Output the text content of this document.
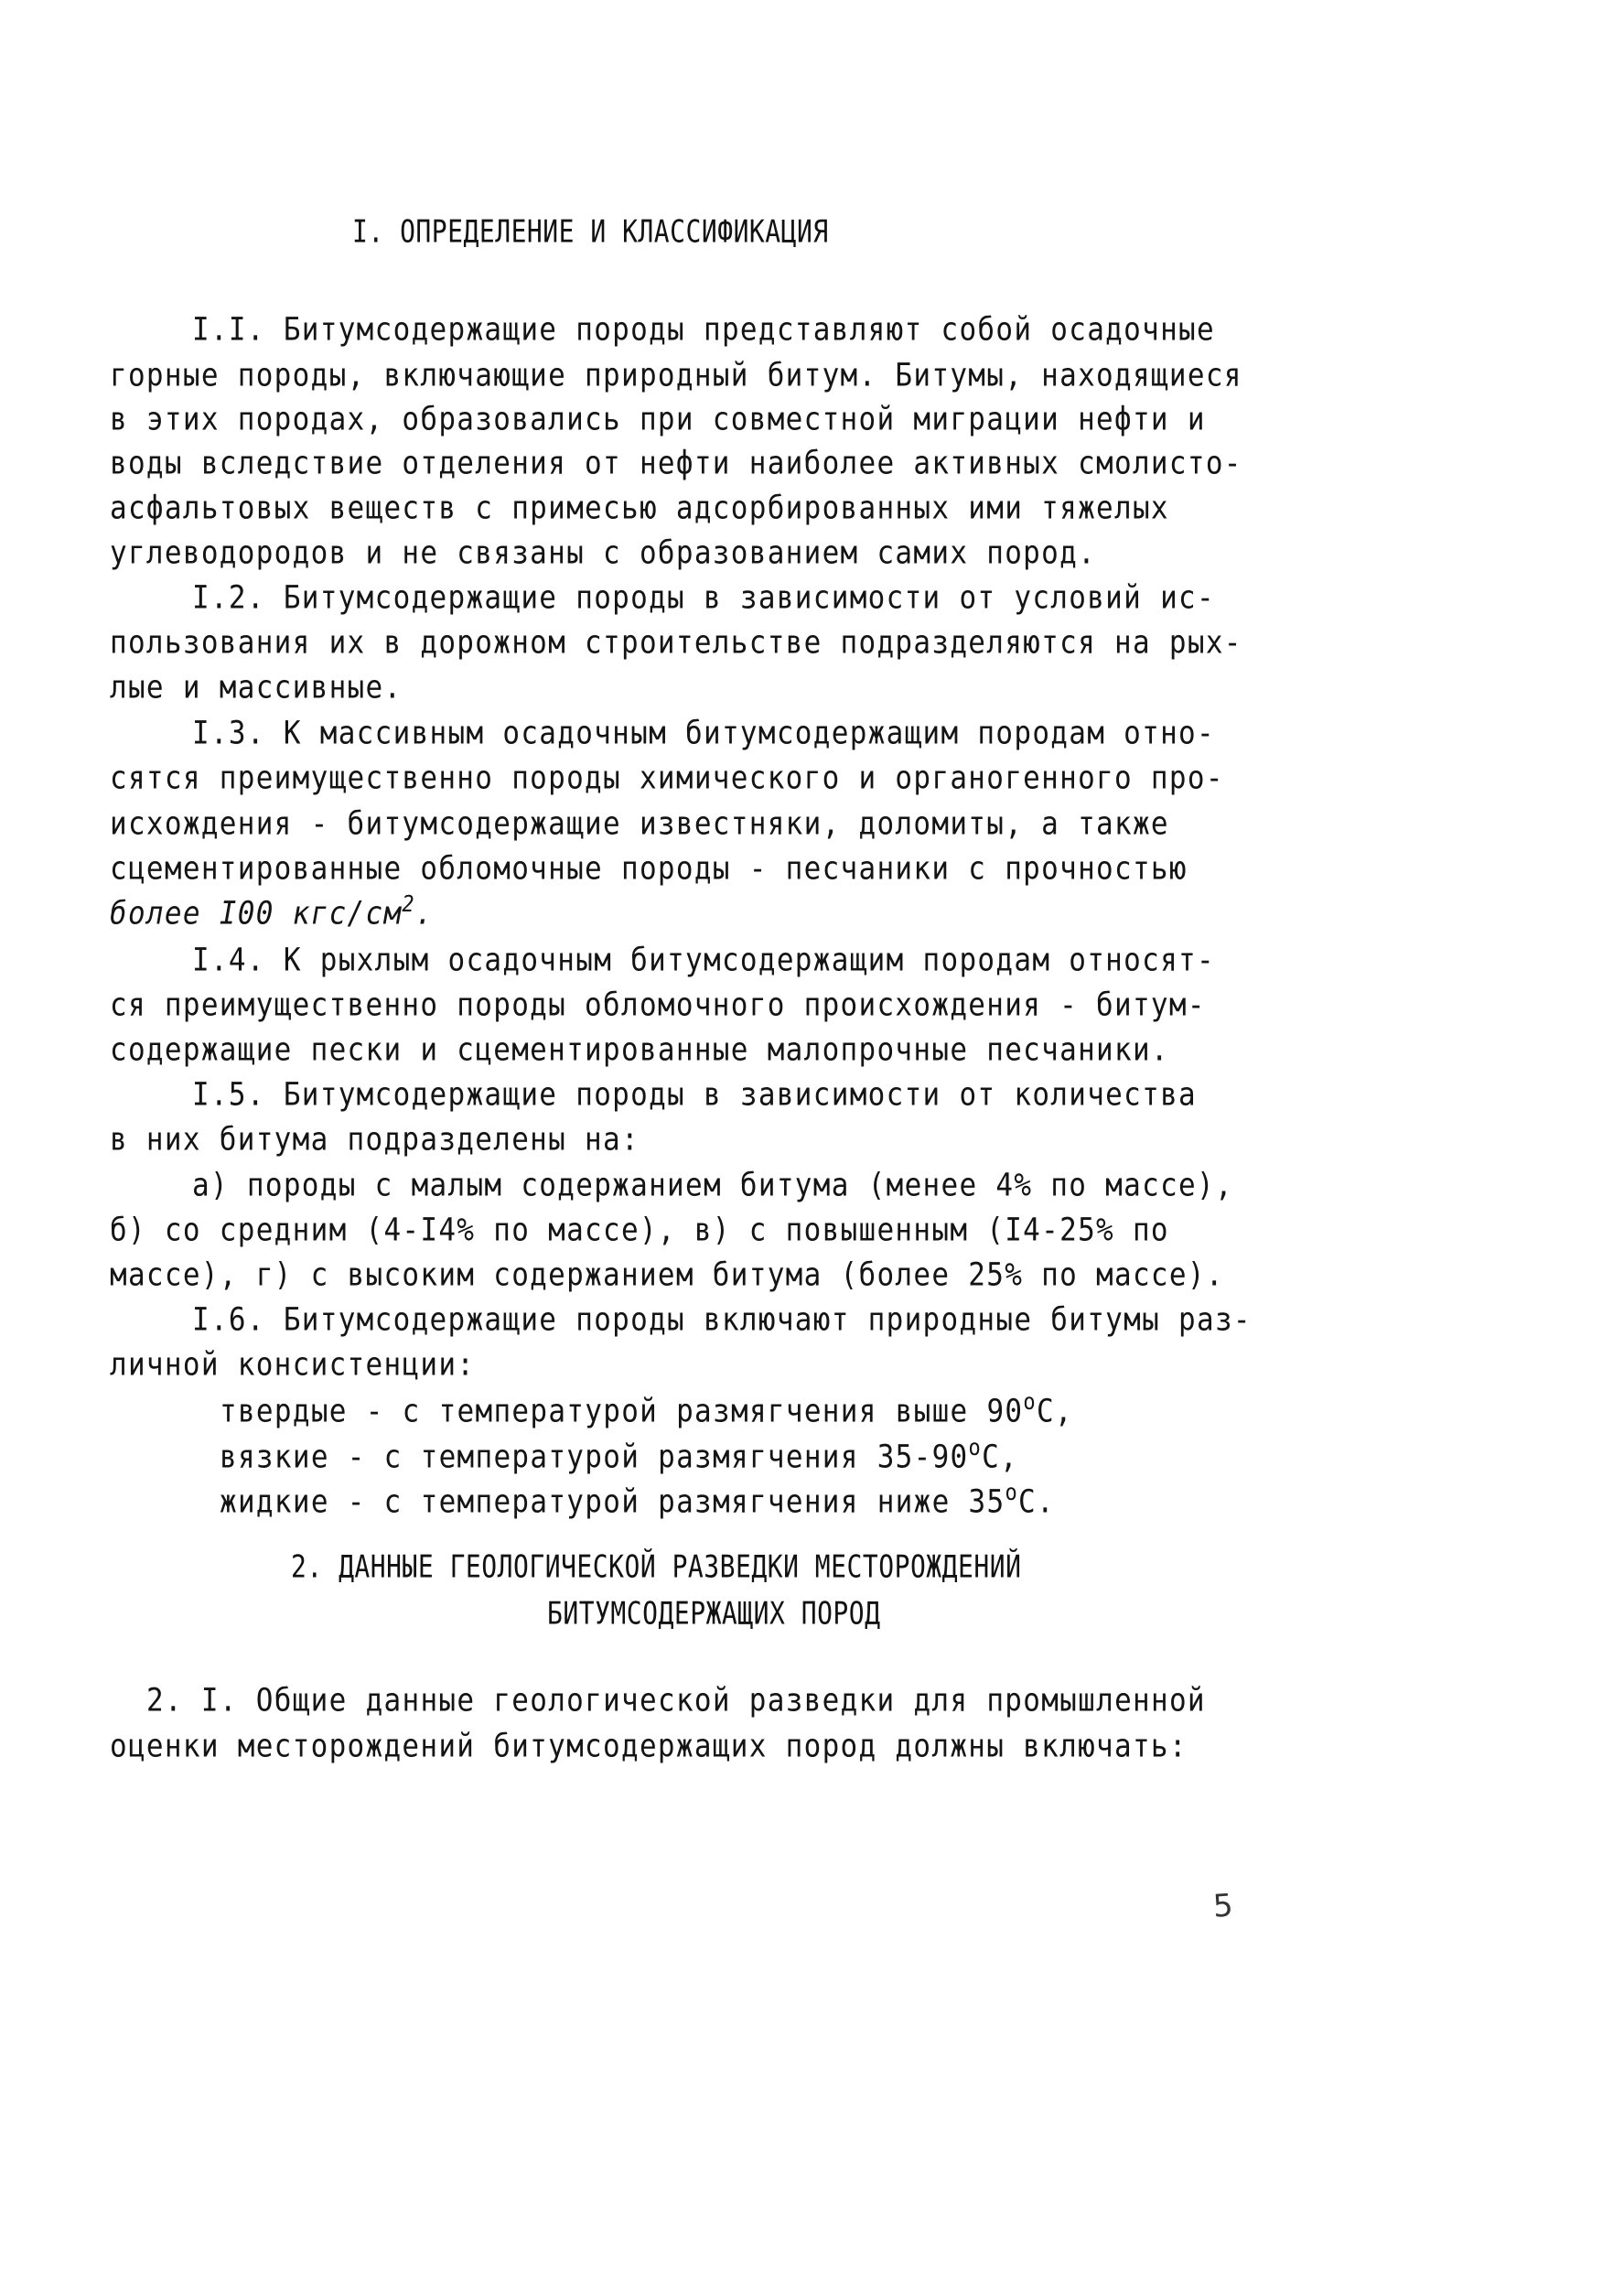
I. ОПРЕДЕЛЕНИЕ И КЛАССИФИКАЦИЯ
I.I. Битумсодержащие породы представляют собой осадочные
горные породы, включающие природный битум. Битумы, находящиеся
в этих породах, образовались при совместной миграции нефти и
воды вследствие отделения от нефти наиболее активных смолисто-
асфальтовых веществ с примесью адсорбированных ими тяжелых
углеводородов и не связаны с образованием самих пород.
I.2. Битумсодержащие породы в зависимости от условий ис-
пользования их в дорожном строительстве подразделяются на рых-
лые и массивные.
I.3. К массивным осадочным битумсодержащим породам отно-
сятся преимущественно породы химического и органогенного про-
исхождения - битумсодержащие известняки, доломиты, а также
сцементированные обломочные породы - песчаники с прочностью
более I00 кгс/$см^2$.
I.4. К рыхлым осадочным битумсодержащим породам относят-
ся преимущественно породы обломочного происхождения - битум-
содержащие пески и сцементированные малопрочные песчаники.
I.5. Битумсодержащие породы в зависимости от количества
в них битума подразделены на:
а) породы с малым содержанием битума (менее 4% по массе),
б) со средним (4-I4% по массе), в) с повышенным (I4-25% по
массе), г) с высоким содержанием битума (более 25% по массе).
I.6. Битумсодержащие породы включают природные битумы раз-
личной консистенции:
твердые - с температурой размягчения выше 90$^o$C,
вязкие - с температурой размягчения 35-90$^o$C,
жидкие - с температурой размягчения ниже 35$^o$C.
2. ДАННЫЕ ГЕОЛОГИЧЕСКОЙ РАЗВЕДКИ МЕСТОРОЖДЕНИЙ
БИТУМСОДЕРЖАЩИХ ПОРОД
2. I. Общие данные геологической разведки для промышленной
оценки месторождений битумсодержащих пород должны включать:
5
